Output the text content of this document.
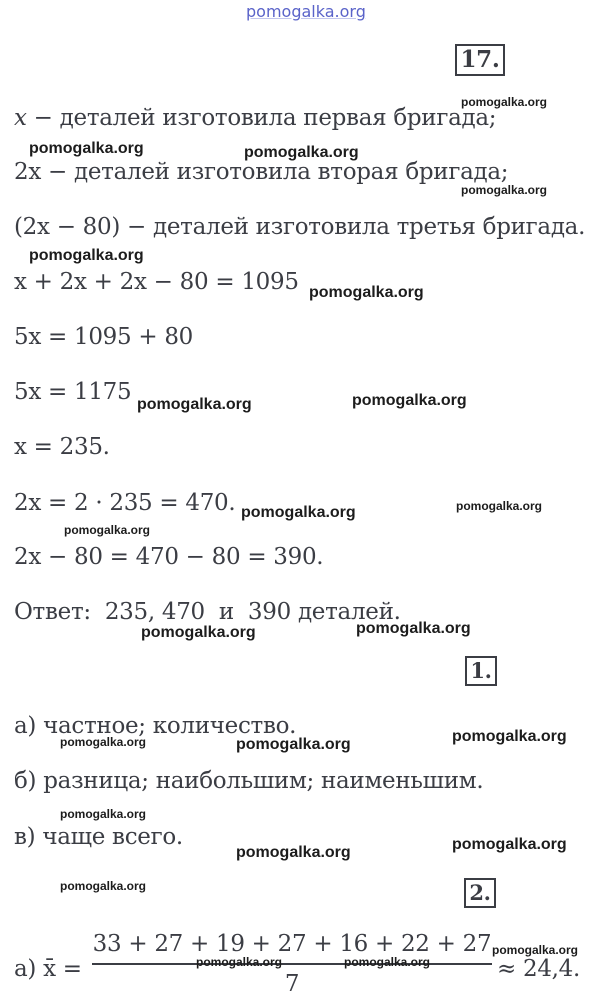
pomogalka.org
17.
x − деталей изготовила первая бригада;
2x − деталей изготовила вторая бригада;
(2x − 80) − деталей изготовила третья бригада.
x + 2x + 2x − 80 = 1095
5x = 1095 + 80
5x = 1175
x = 235.
2x = 2 · 235 = 470.
2x − 80 = 470 − 80 = 390.
Ответ:  235, 470  и  390 деталей.
1.
а) частное; количество.
б) разница; наибольшим; наименьшим.
в) чаще всего.
2.
а) x̄ =
33 + 27 + 19 + 27 + 16 + 22 + 27
7
≈ 24,4.
pomogalka.org
pomogalka.org	pomogalka.org
pomogalka.org
pomogalka.org
pomogalka.org
pomogalka.org	pomogalka.org
pomogalka.org
pomogalka.org
pomogalka.org
pomogalka.org	pomogalka.org
pomogalka.org	pomogalka.org	pomogalka.org
pomogalka.org
pomogalka.org	pomogalka.org
pomogalka.org
pomogalka.org
pomogalka.org	pomogalka.org
